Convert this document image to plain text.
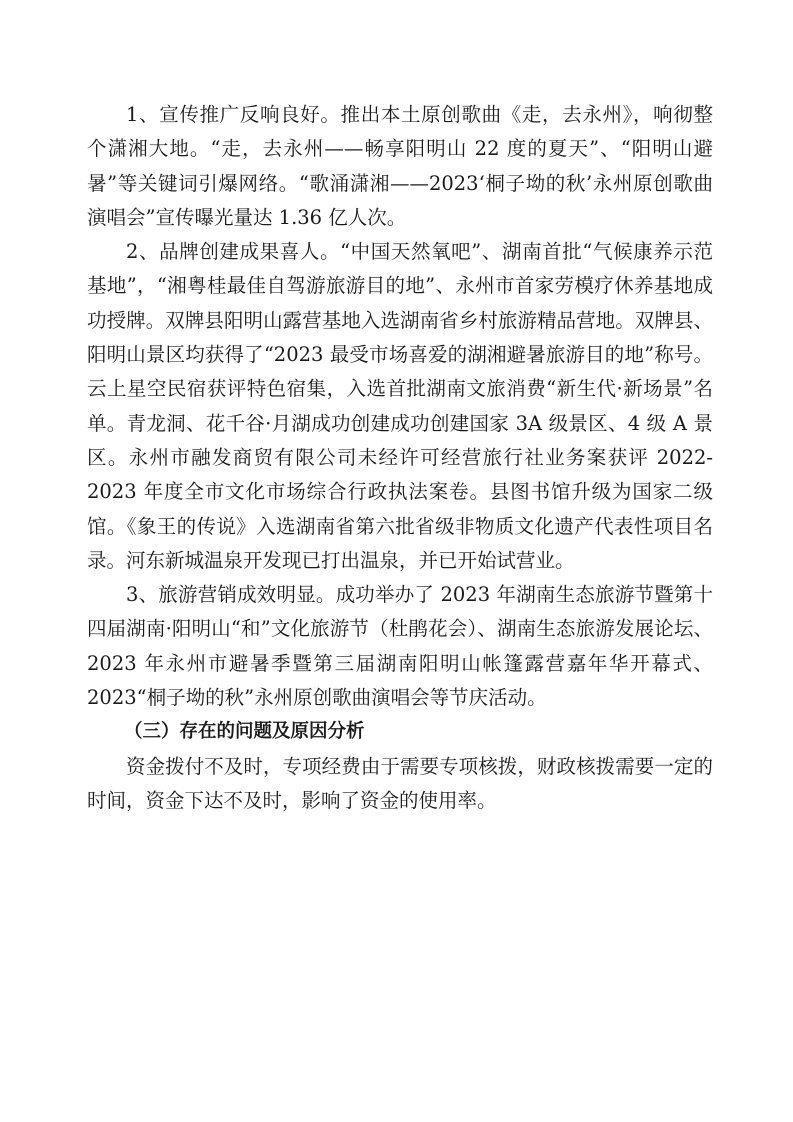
1、宣传推广反响良好。推出本土原创歌曲《走，去永州》，响彻整个潇湘大地。“走，去永州——畅享阳明山 22 度的夏天”、“阳明山避暑”等关键词引爆网络。“歌涌潇湘——2023‘桐子坳的秋’永州原创歌曲演唱会”宣传曝光量达 1.36 亿人次。

2、品牌创建成果喜人。“中国天然氧吧”、湖南首批“气候康养示范基地”，“湘粤桂最佳自驾游旅游目的地”、永州市首家劳模疗休养基地成功授牌。双牌县阳明山露营基地入选湖南省乡村旅游精品营地。双牌县、阳明山景区均获得了“2023 最受市场喜爱的湖湘避暑旅游目的地”称号。云上星空民宿获评特色宿集，入选首批湖南文旅消费“新生代·新场景”名单。青龙洞、花千谷·月湖成功创建成功创建国家 3A 级景区、4 级 A 景区。永州市融发商贸有限公司未经许可经营旅行社业务案获评 2022-2023 年度全市文化市场综合行政执法案卷。县图书馆升级为国家二级馆。《象王的传说》入选湖南省第六批省级非物质文化遗产代表性项目名录。河东新城温泉开发现已打出温泉，并已开始试营业。

3、旅游营销成效明显。成功举办了 2023 年湖南生态旅游节暨第十四届湖南·阳明山“和”文化旅游节（杜鹃花会）、湖南生态旅游发展论坛、2023 年永州市避暑季暨第三届湖南阳明山帐篷露营嘉年华开幕式、2023“桐子坳的秋”永州原创歌曲演唱会等节庆活动。

（三）存在的问题及原因分析

资金拨付不及时，专项经费由于需要专项核拨，财政核拨需要一定的时间，资金下达不及时，影响了资金的使用率。
